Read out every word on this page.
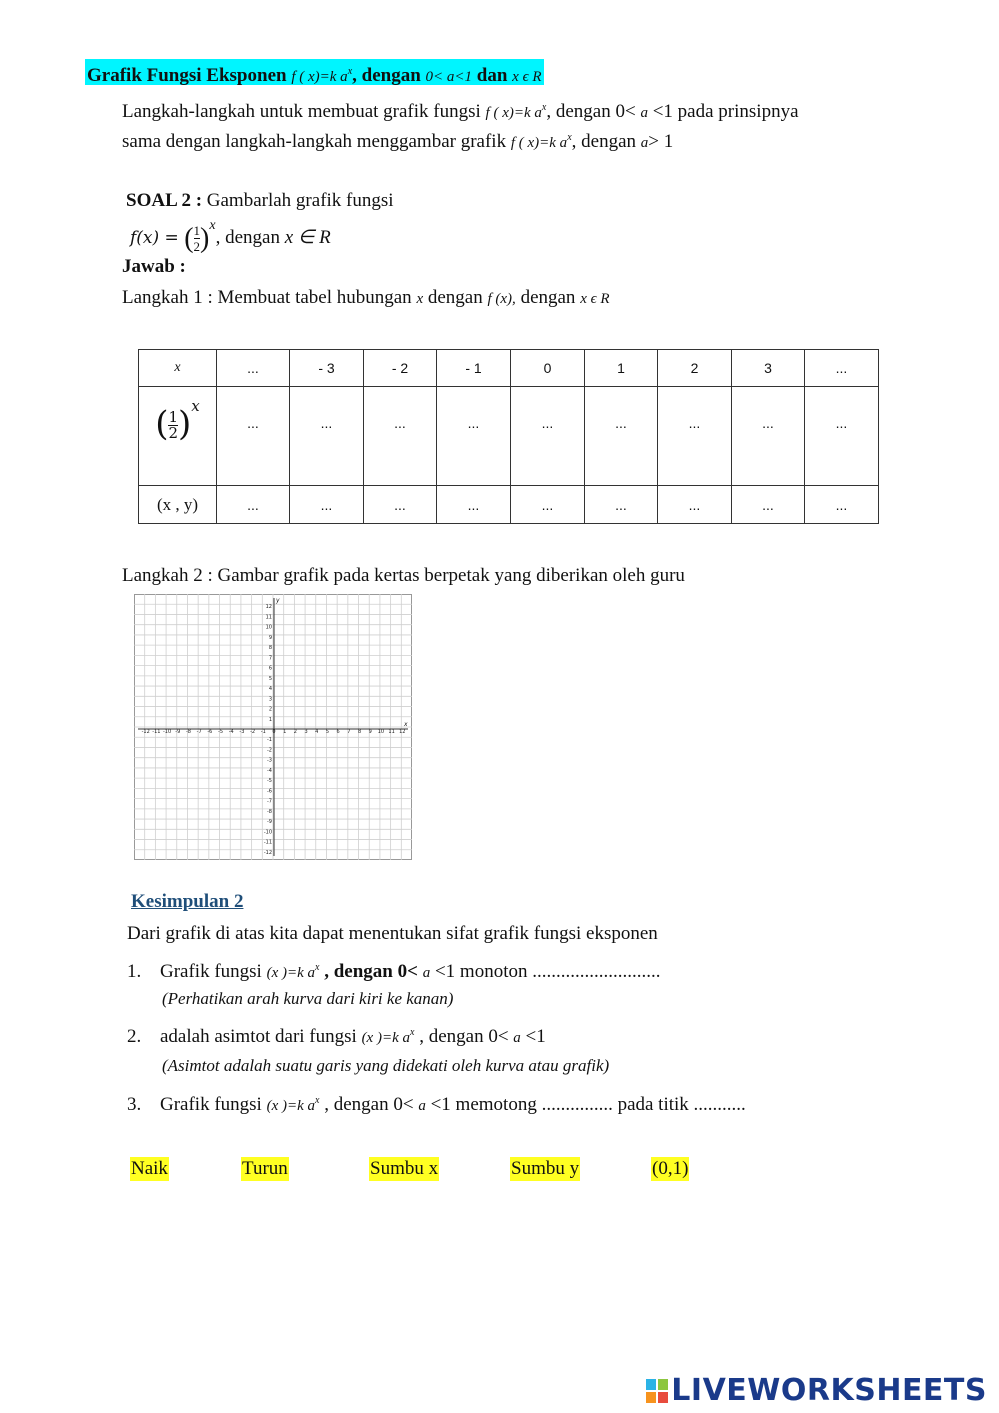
Grafik Fungsi Eksponen f ( x)=k $a^x$, dengan 0< a<1 dan x ϵ R
Langkah-langkah untuk membuat grafik fungsi f ( x)=k $a^x$, dengan 0< a <1 pada prinsipnya
sama dengan langkah-langkah menggambar grafik f ( x)=k $a^x$, dengan a> 1
SOAL 2 : Gambarlah grafik fungsi
f(x) = ( $\frac{1}{2} )^x$, dengan x ∈ R
Jawab :
Langkah 1 : Membuat tabel hubungan x dengan f (x), dengan x ϵ R
x	...	- 3	- 2	- 1	0	1	2	3	...
( $\frac{1}{2} )^x$	...	...	...	...	...	...	...	...	...
(x , y)	...	...	...	...	...	...	...	...	...
Langkah 2 : Gambar grafik pada kertas berpetak yang diberikan oleh guru
-12 -11 -10 -9 -8 -7 -6 -5 -4 -3 -2 -1 0 1 2 3 4 5 6 7 8 9 10 11 12
12
11
10
9
8
7
6
5
4
3
2
1
-1
-2
-3
-4
-5
-6
-7
-8
-9
-10
-11
-12
x
y
Kesimpulan 2
Dari grafik di atas kita dapat menentukan sifat grafik fungsi eksponen
1. Grafik fungsi (x )=k $a^x$ , dengan 0< a <1 monoton ...........................
(Perhatikan arah kurva dari kiri ke kanan)
2. adalah asimtot dari fungsi (x )=k $a^x$ , dengan 0< a <1
(Asimtot adalah suatu garis yang didekati oleh kurva atau grafik)
3. Grafik fungsi (x )=k $a^x$ , dengan 0< a <1 memotong ............... pada titik ...........
Naik	Turun	Sumbu x	Sumbu y	(0,1)
LIVEWORKSHEETS
